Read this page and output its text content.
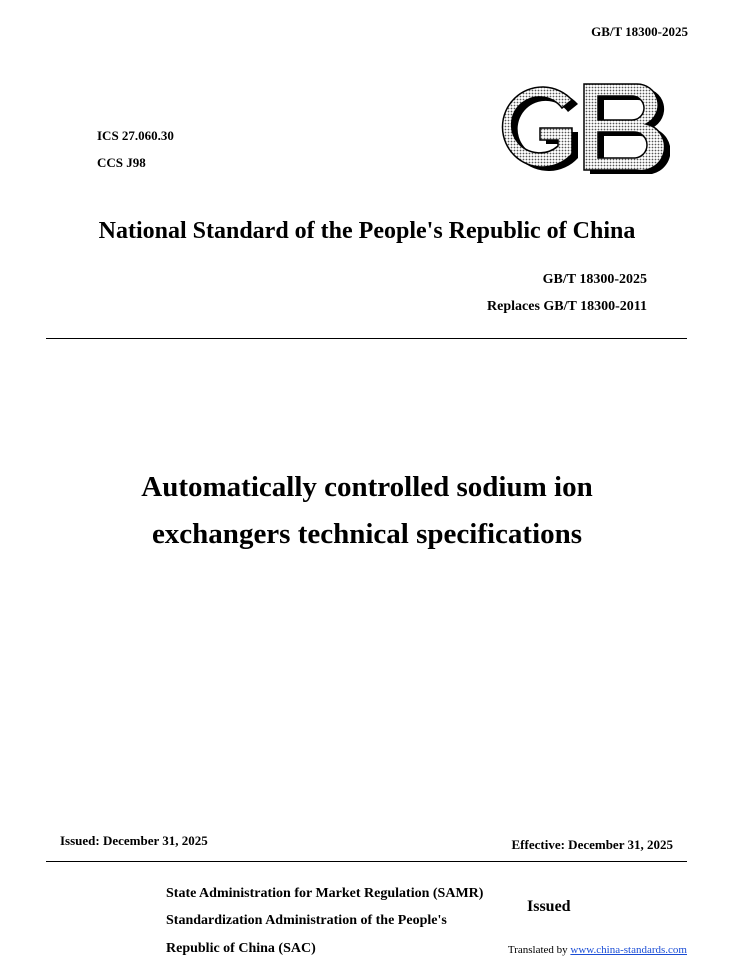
GB/T 18300-2025
ICS 27.060.30
CCS J98
National Standard of the People's Republic of China
GB/T 18300-2025
Replaces GB/T 18300-2011
Automatically controlled sodium ion
exchangers technical specifications
Issued: December 31, 2025	Effective: December 31, 2025
State Administration for Market Regulation (SAMR)
Standardization Administration of the People's
Republic of China (SAC)
Issued
Translated by www.china-standards.com
